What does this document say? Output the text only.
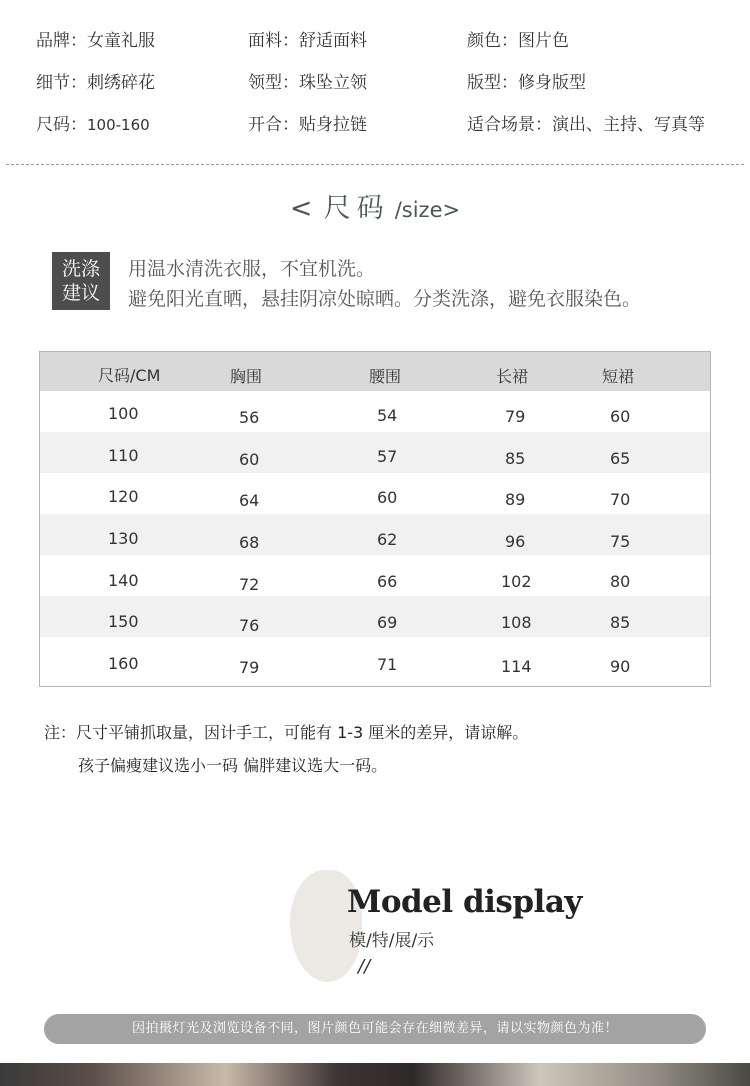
品牌：女童礼服	面料：舒适面料	颜色：图片色
细节：刺绣碎花	领型：珠坠立领	版型：修身版型
尺码：100-160	开合：贴身拉链	适合场景：演出、主持、写真等
< 尺码 /size>
洗涤
建议
用温水清洗衣服，不宜机洗。
避免阳光直晒，悬挂阴凉处晾晒。分类洗涤，避免衣服染色。
尺码/CM	胸围	腰围	长裙	短裙
100	56	54	79	60
110	60	57	85	65
120	64	60	89	70
130	68	62	96	75
140	72	66	102	80
150	76	69	108	85
160	79	71	114	90
注：尺寸平铺抓取量，因计手工，可能有 1-3 厘米的差异，请谅解。
孩子偏瘦建议选小一码 偏胖建议选大一码。
Model display
模/特/展/示
//
因拍摄灯光及浏览设备不同，图片颜色可能会存在细微差异，请以实物颜色为准！
